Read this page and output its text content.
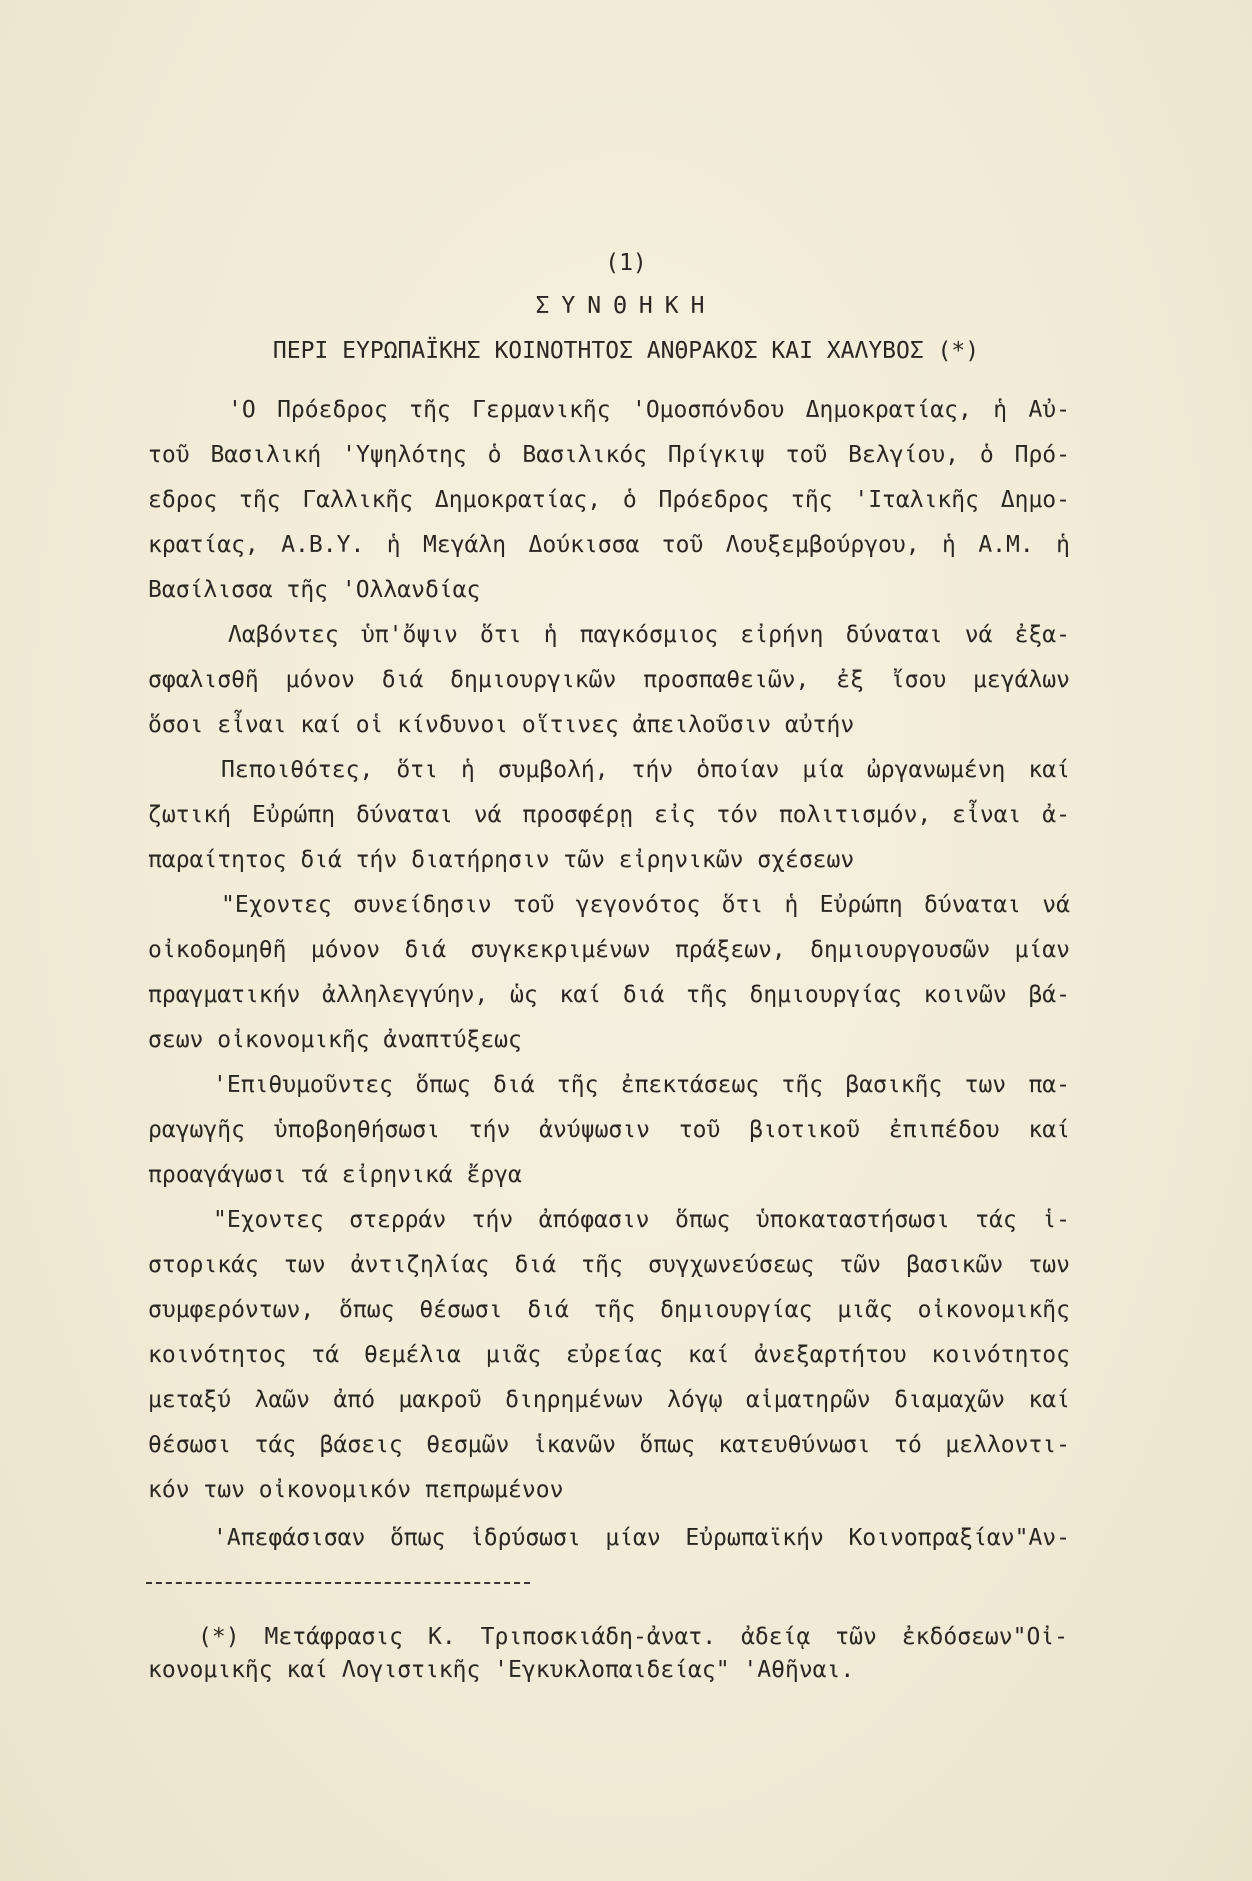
(1)
ΣΥΝΘΗΚΗ
ΠΕΡΙ ΕΥΡΩΠΑΪΚΗΣ ΚΟΙΝΟΤΗΤΟΣ ΑΝΘΡΑΚΟΣ ΚΑΙ ΧΑΛΥΒΟΣ (*)
'Ο Πρόεδρος τῆς Γερμανικῆς 'Ομοσπόνδου Δημοκρατίας, ἡ Αὐ-
τοῦ Βασιλική 'Υψηλότης ὁ Βασιλικός Πρίγκιψ τοῦ Βελγίου, ὁ Πρό-
εδρος τῆς Γαλλικῆς Δημοκρατίας, ὁ Πρόεδρος τῆς 'Ιταλικῆς Δημο-
κρατίας, Α.Β.Υ. ἡ Μεγάλη Δούκισσα τοῦ Λουξεμβούργου, ἡ Α.Μ. ἡ
Βασίλισσα τῆς 'Ολλανδίας
Λαβόντες ὑπ'ὄψιν ὅτι ἡ παγκόσμιος εἰρήνη δύναται νά ἐξα-
σφαλισθῆ μόνον διά δημιουργικῶν προσπαθειῶν, ἐξ ἴσου μεγάλων
ὅσοι εἶναι καί οἱ κίνδυνοι οἵτινες ἀπειλοῦσιν αὐτήν
Πεποιθότες, ὅτι ἡ συμβολή, τήν ὁποίαν μία ὠργανωμένη καί
ζωτική Εὐρώπη δύναται νά προσφέρῃ εἰς τόν πολιτισμόν, εἶναι ἀ-
παραίτητος διά τήν διατήρησιν τῶν εἰρηνικῶν σχέσεων
"Εχοντες συνείδησιν τοῦ γεγονότος ὅτι ἡ Εὐρώπη δύναται νά
οἰκοδομηθῆ μόνον διά συγκεκριμένων πράξεων, δημιουργουσῶν μίαν
πραγματικήν ἀλληλεγγύην, ὡς καί διά τῆς δημιουργίας κοινῶν βά-
σεων οἰκονομικῆς ἀναπτύξεως
'Επιθυμοῦντες ὅπως διά τῆς ἐπεκτάσεως τῆς βασικῆς των πα-
ραγωγῆς ὑποβοηθήσωσι τήν ἀνύψωσιν τοῦ βιοτικοῦ ἐπιπέδου καί
προαγάγωσι τά εἰρηνικά ἔργα
"Εχοντες στερράν τήν ἀπόφασιν ὅπως ὑποκαταστήσωσι τάς ἱ-
στορικάς των ἀντιζηλίας διά τῆς συγχωνεύσεως τῶν βασικῶν των
συμφερόντων, ὅπως θέσωσι διά τῆς δημιουργίας μιᾶς οἰκονομικῆς
κοινότητος τά θεμέλια μιᾶς εὐρείας καί ἀνεξαρτήτου κοινότητος
μεταξύ λαῶν ἀπό μακροῦ διηρημένων λόγῳ αἱματηρῶν διαμαχῶν καί
θέσωσι τάς βάσεις θεσμῶν ἱκανῶν ὅπως κατευθύνωσι τό μελλοντι-
κόν των οἰκονομικόν πεπρωμένον
'Απεφάσισαν ὅπως ἱδρύσωσι μίαν Εὐρωπαϊκήν Κοινοπραξίαν"Αν-
(*) Μετάφρασις Κ. Τριποσκιάδη-ἀνατ. ἀδείᾳ τῶν ἐκδόσεων"Οἰ-
κονομικῆς καί Λογιστικῆς 'Εγκυκλοπαιδείας" 'Αθῆναι.
